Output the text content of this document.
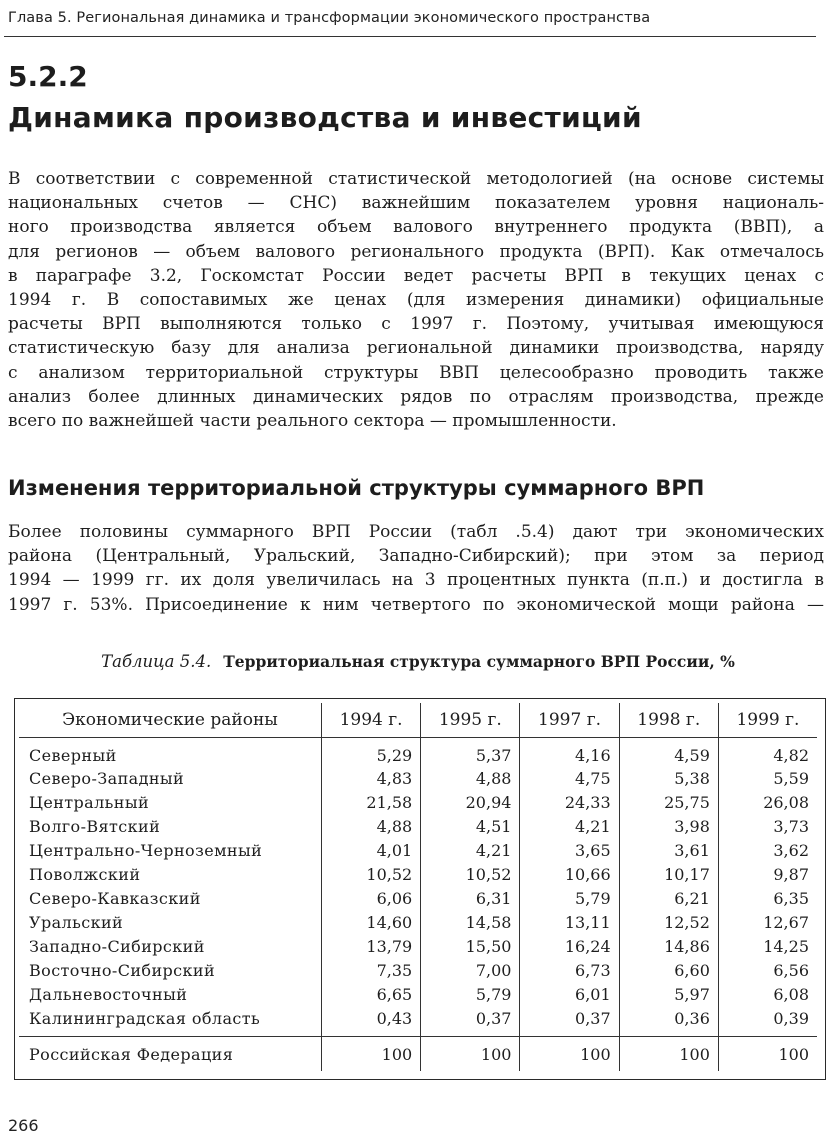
Глава 5. Региональная динамика и трансформации экономического пространства
5.2.2
Динамика производства и инвестиций
В соответствии с современной статистической методологией (на основе системы
национальных счетов — СНС) важнейшим показателем уровня националь-
ного производства является объем валового внутреннего продукта (ВВП), а
для регионов — объем валового регионального продукта (ВРП). Как отмечалось
в параграфе 3.2, Госкомстат России ведет расчеты ВРП в текущих ценах с
1994 г. В сопоставимых же ценах (для измерения динамики) официальные
расчеты ВРП выполняются только с 1997 г. Поэтому, учитывая имеющуюся
статистическую базу для анализа региональной динамики производства, наряду
с анализом территориальной структуры ВВП целесообразно проводить также
анализ более длинных динамических рядов по отраслям производства, прежде
всего по важнейшей части реального сектора — промышленности.
Изменения территориальной структуры суммарного ВРП
Более половины суммарного ВРП России (табл .5.4) дают три экономических
района (Центральный, Уральский, Западно-Сибирский); при этом за период
1994 — 1999 гг. их доля увеличилась на 3 процентных пункта (п.п.) и достигла в
1997 г. 53%. Присоединение к ним четвертого по экономической мощи района —
Таблица 5.4. Территориальная структура суммарного ВРП России, %
Экономические районы	1994 г.	1995 г.	1997 г.	1998 г.	1999 г.
Северный	5,29	5,37	4,16	4,59	4,82
Северо-Западный	4,83	4,88	4,75	5,38	5,59
Центральный	21,58	20,94	24,33	25,75	26,08
Волго-Вятский	4,88	4,51	4,21	3,98	3,73
Центрально-Черноземный	4,01	4,21	3,65	3,61	3,62
Поволжский	10,52	10,52	10,66	10,17	9,87
Северо-Кавказский	6,06	6,31	5,79	6,21	6,35
Уральский	14,60	14,58	13,11	12,52	12,67
Западно-Сибирский	13,79	15,50	16,24	14,86	14,25
Восточно-Сибирский	7,35	7,00	6,73	6,60	6,56
Дальневосточный	6,65	5,79	6,01	5,97	6,08
Калининградская область	0,43	0,37	0,37	0,36	0,39
Российская Федерация	100	100	100	100	100
266
